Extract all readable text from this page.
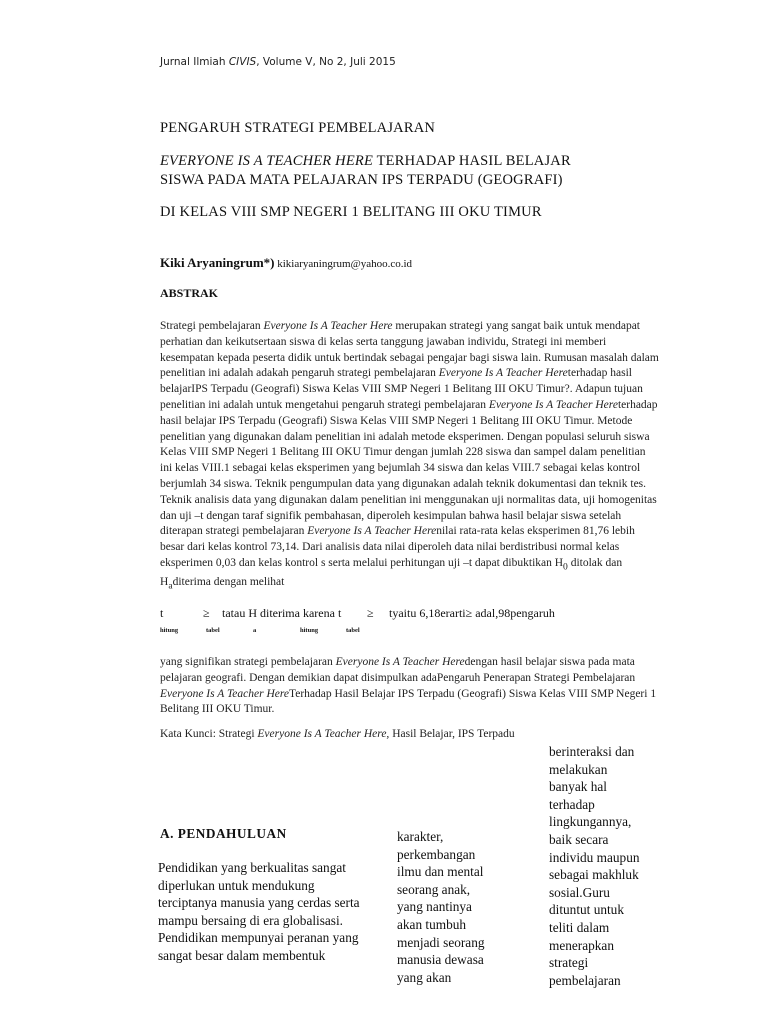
Jurnal Ilmiah CIVIS, Volume V, No 2, Juli 2015
PENGARUH STRATEGI PEMBELAJARAN
EVERYONE IS A TEACHER HERE TERHADAP HASIL BELAJAR
SISWA PADA MATA PELAJARAN IPS TERPADU (GEOGRAFI)
DI KELAS VIII SMP NEGERI 1 BELITANG III OKU TIMUR
Kiki Aryaningrum*) kikiaryaningrum@yahoo.co.id
ABSTRAK
Strategi pembelajaran Everyone Is A Teacher Here merupakan strategi yang sangat baik untuk mendapat perhatian dan keikutsertaan siswa di kelas serta tanggung jawaban individu, Strategi ini memberi kesempatan kepada peserta didik untuk bertindak sebagai pengajar bagi siswa lain. Rumusan masalah dalam penelitian ini adalah adakah pengaruh strategi pembelajaran Everyone Is A Teacher Hereterhadap hasil belajarIPS Terpadu (Geografi) Siswa Kelas VIII SMP Negeri 1 Belitang III OKU Timur?. Adapun tujuan penelitian ini adalah untuk mengetahui pengaruh strategi pembelajaran Everyone Is A Teacher Hereterhadap hasil belajar IPS Terpadu (Geografi) Siswa Kelas VIII SMP Negeri 1 Belitang III OKU Timur. Metode penelitian yang digunakan dalam penelitian ini adalah metode eksperimen. Dengan populasi seluruh siswa Kelas VIII SMP Negeri 1 Belitang III OKU Timur dengan jumlah 228 siswa dan sampel dalam penelitian ini kelas VIII.1 sebagai kelas eksperimen yang bejumlah 34 siswa dan kelas VIII.7 sebagai kelas kontrol berjumlah 34 siswa. Teknik pengumpulan data yang digunakan adalah teknik dokumentasi dan teknik tes. Teknik analisis data yang digunakan dalam penelitian ini menggunakan uji normalitas data, uji homogenitas dan uji –t dengan taraf signifik pembahasan, diperoleh kesimpulan bahwa hasil belajar siswa setelah diterapan strategi pembelajaran Everyone Is A Teacher Herenilai rata-rata kelas eksperimen 81,76 lebih besar dari kelas kontrol 73,14. Dari analisis data nilai diperoleh data nilai berdistribusi normal kelas eksperimen 0,03 dan kelas kontrol s serta melalui perhitungan uji –t dapat dibuktikan $H_0$ ditolak dan $H_aditerima$ dengan melihat
t	≥ tatau H diterima karena t ≥ tyaitu 6,18erarti≥ adal,98pengaruh
hitung	tabel	a	hitung	tabel
yang signifikan strategi pembelajaran Everyone Is A Teacher Heredengan hasil belajar siswa pada mata pelajaran geografi. Dengan demikian dapat disimpulkan adaPengaruh Penerapan Strategi Pembelajaran Everyone Is A Teacher HereTerhadap Hasil Belajar IPS Terpadu (Geografi) Siswa Kelas VIII SMP Negeri 1 Belitang III OKU Timur.
Kata Kunci: Strategi Everyone Is A Teacher Here, Hasil Belajar, IPS Terpadu
A. PENDAHULUAN
Pendidikan yang berkualitas sangat
diperlukan untuk mendukung
terciptanya manusia yang cerdas serta
mampu bersaing di era globalisasi.
Pendidikan mempunyai peranan yang
sangat besar dalam membentuk
karakter,
perkembangan
ilmu dan mental
seorang anak,
yang nantinya
akan tumbuh
menjadi seorang
manusia dewasa
yang akan
berinteraksi dan
melakukan
banyak hal
terhadap
lingkungannya,
baik secara
individu maupun
sebagai makhluk
sosial.Guru
dituntut untuk
teliti dalam
menerapkan
strategi
pembelajaran
